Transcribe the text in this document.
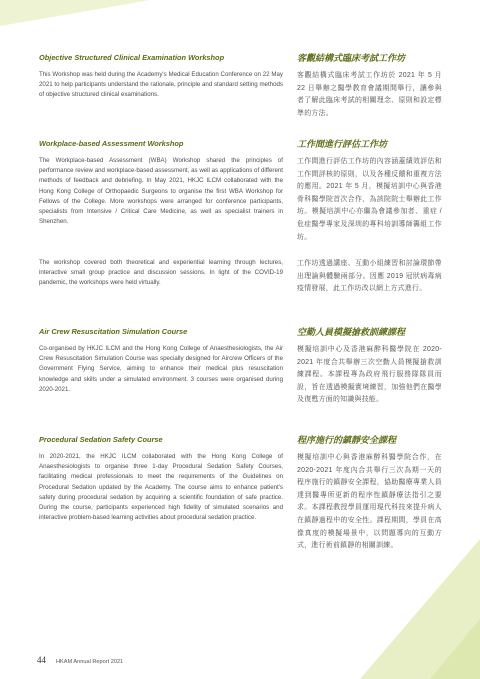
Objective Structured Clinical Examination Workshop

This Workshop was held during the Academy's Medical Education Conference on 22 May 2021 to help participants understand the rationale, principle and standard setting methods of objective structured clinical examinations.

客觀結構式臨床考試工作坊

客觀結構式臨床考試工作坊於 2021 年 5 月 22 日舉辦之醫學教育會議期間舉行，讓參與者了解此臨床考試的相關理念、原則和設定標準的方法。

Workplace-based Assessment Workshop

The Workplace-based Assessment (WBA) Workshop shared the principles of performance review and workplace-based assessment, as well as applications of different methods of feedback and debriefing. In May 2021, HKJC ILCM collaborated with the Hong Kong College of Orthopaedic Surgeons to organise the first WBA Workshop for Fellows of the College. More workshops were arranged for conference participants, specialists from Intensive / Critical Care Medicine, as well as specialist trainers in Shenzhen.

工作間進行評估工作坊

工作間進行評估工作坊的內容涵蓋績效評估和工作間評核的原則，以及各種反饋和重複方法的應用。2021 年 5 月，模擬培訓中心與香港骨科醫學院首次合作，為該院院士舉辦此工作坊。模擬培訓中心亦繼為會議參加者、重症 / 危症醫學專家及深圳的專科培訓導師籌組工作坊。

The workshop covered both theoretical and experiential learning through lectures, interactive small group practice and discussion sessions. In light of the COVID-19 pandemic, the workshops were held virtually.

工作坊透過講座、互動小組練習和討論環節帶出理論與體驗兩部分。因應 2019 冠狀病毒病疫情發展，此工作坊改以網上方式進行。

Air Crew Resuscitation Simulation Course

Co-organised by HKJC ILCM and the Hong Kong College of Anaesthesiologists, the Air Crew Resuscitation Simulation Course was specially designed for Aircrew Officers of the Government Flying Service, aiming to enhance their medical plus resuscitation knowledge and skills under a simulated environment. 3 courses were organised during 2020-2021.

空勤人員模擬搶救訓練課程

模擬培訓中心及香港麻醉科醫學院在 2020-2021 年度合共舉辦三次空勤人員模擬搶救訓練課程。本課程專為政府飛行服務隊隊員而設，旨在透過模擬實境練習，加強他們在醫學及復甦方面的知識與技能。

Procedural Sedation Safety Course

In 2020-2021, the HKJC ILCM collaborated with the Hong Kong College of Anaesthesiologists to organise three 1-day Procedural Sedation Safety Courses, facilitating medical professionals to meet the requirements of the Guidelines on Procedural Sedation updated by the Academy. The course aims to enhance patient's safety during procedural sedation by acquiring a scientific foundation of safe practice. During the course, participants experienced high fidelity of simulated scenarios and interactive problem-based learning activities about procedural sedation practice.

程序施行的鎮靜安全課程

模擬培訓中心與香港麻醉科醫學院合作，在 2020-2021 年度內合共舉行三次為期一天的程序施行的鎮靜安全課程，協助醫療專業人員達到醫專所更新的程序性鎮靜療法指引之要求。本課程教授學員運用現代科技來提升病人在鎮靜過程中的安全性。課程期間，學員在高像真度的模擬場景中，以問題導向的互動方式，進行術前鎮靜的相關訓練。

44 HKAM Annual Report 2021
